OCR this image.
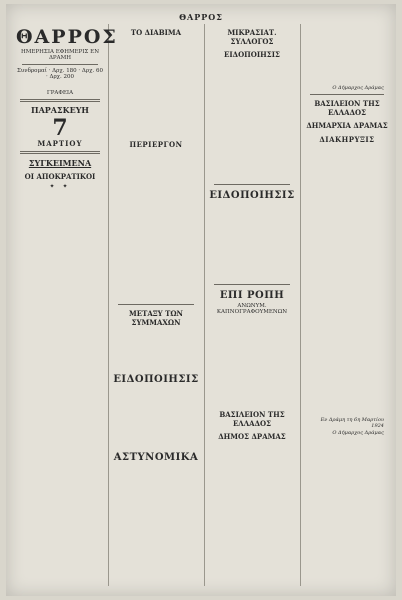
ΘΑΡΡΟΣ
ΘΑΡΡΟΣ
ΗΜΕΡΗΣΙΑ ΕΦΗΜΕΡΙΣ ΕΝ ΔΡΑΜΗ
Συνδρομαί · Δρχ. 180 · Δρχ. 60 · Δρχ. 200

ᅠ

ΓΡΑΦΕΙΑ
ΠΑΡΑΣΚΕΥΗ
7
ΜΑΡΤΙΟΥ
ΣΥΓΚΕΙΜΕΝΑ
ΟΙ ΑΠΟΚΡΑΤΙΚΟΙ
✦ ✦
ΤΟ ΔΙΑΒΙΜΑ
ΠΕΡΙΕΡΓΟΝ
ΜΕΤΑΞΥ ΤΩΝ ΣΥΜΜΑΧΩΝ
ΕΙΔΟΠΟΙΗΣΙΣ
ΑΣΤΥΝΟΜΙΚΑ
ΜΙΚΡΑΣΙΑΤ. ΣΥΛΛΟΓΟΣ
ΕΙΔΟΠΟΙΗΣΙΣ
ΕΙΔΟΠΟΙΗΣΙΣ
ΕΠΙ ΡΟΠΗ
ΑΝΩΝΥΜ. ΚΑΠΝΟΓΡΑΦΟΥΜΕΝΩΝ
ΒΑΣΙΛΕΙΟΝ ΤΗΣ ΕΛΛΑΔΟΣ
ΔΗΜΟΣ ΔΡΑΜΑΣ
Ο Δήμαρχος Δράμας
ΒΑΣΙΛΕΙΟΝ ΤΗΣ ΕΛΛΑΔΟΣ
ΔΗΜΑΡΧΙΑ ΔΡΑΜΑΣ
ΔΙΑΚΗΡΥΞΙΣ
Εν Δράμη τη 6η Μαρτίου 1924
Ο Δήμαρχος Δράμας
